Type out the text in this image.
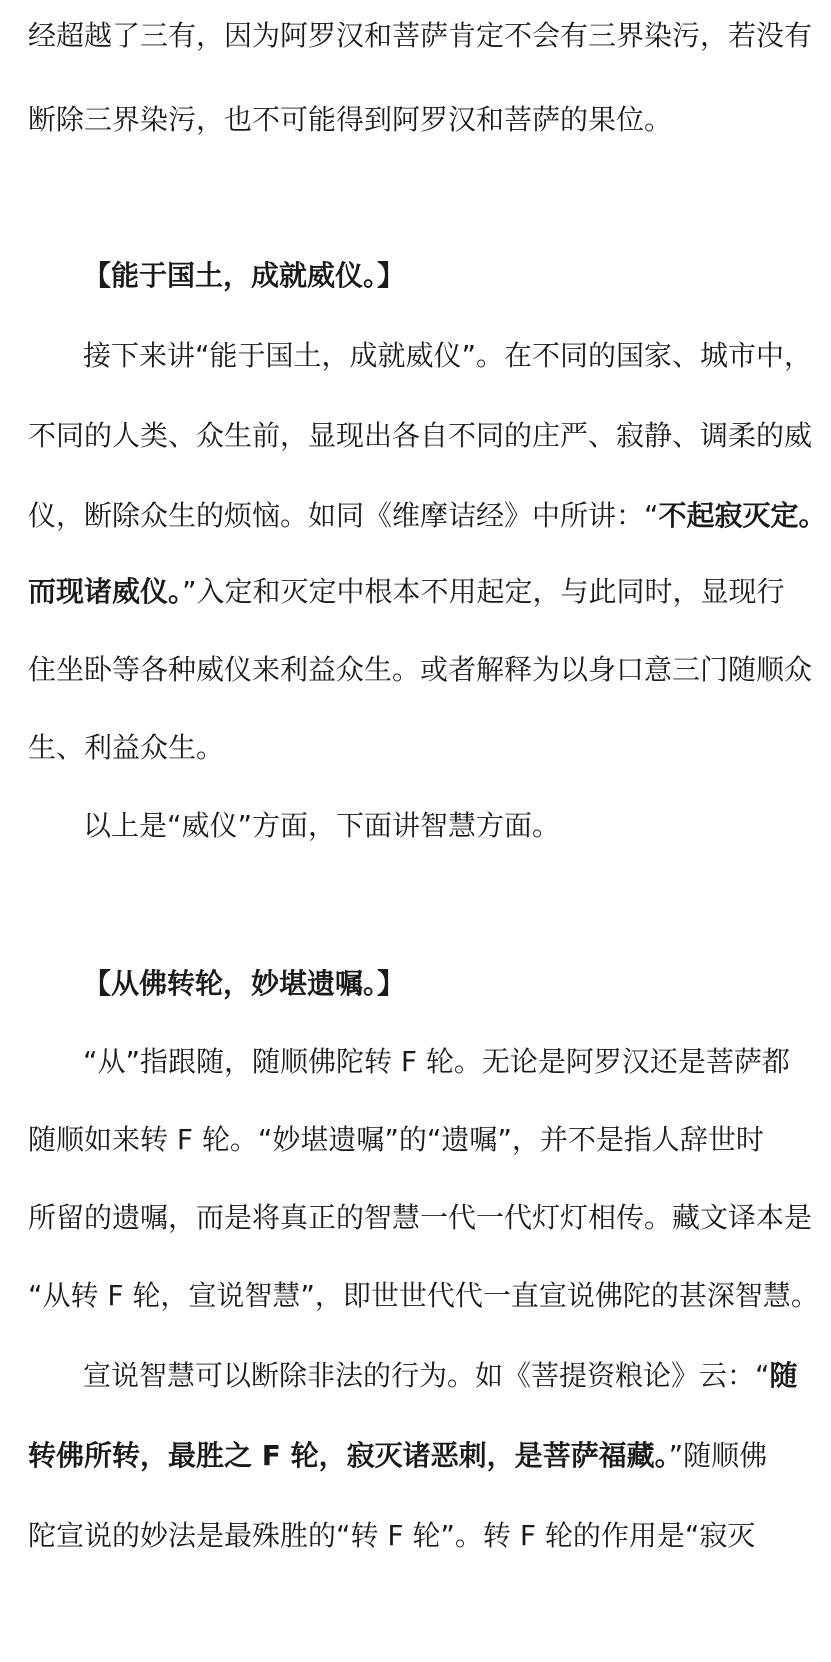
经超越了三有，因为阿罗汉和菩萨肯定不会有三界染污，若没有
断除三界染污，也不可能得到阿罗汉和菩萨的果位。
【能于国土，成就威仪。】
接下来讲“能于国土，成就威仪”。在不同的国家、城市中，
不同的人类、众生前，显现出各自不同的庄严、寂静、调柔的威
仪，断除众生的烦恼。如同《维摩诘经》中所讲：“不起寂灭定。
而现诸威仪。”入定和灭定中根本不用起定，与此同时，显现行
住坐卧等各种威仪来利益众生。或者解释为以身口意三门随顺众
生、利益众生。
以上是“威仪”方面，下面讲智慧方面。
【从佛转轮，妙堪遗嘱。】
“从”指跟随，随顺佛陀转 F 轮。无论是阿罗汉还是菩萨都
随顺如来转 F 轮。“妙堪遗嘱”的“遗嘱”，并不是指人辞世时
所留的遗嘱，而是将真正的智慧一代一代灯灯相传。藏文译本是
“从转 F 轮，宣说智慧”，即世世代代一直宣说佛陀的甚深智慧。
宣说智慧可以断除非法的行为。如《菩提资粮论》云：“随
转佛所转，最胜之 F 轮，寂灭诸恶刺，是菩萨福藏。”随顺佛
陀宣说的妙法是最殊胜的“转 F 轮”。转 F 轮的作用是“寂灭
